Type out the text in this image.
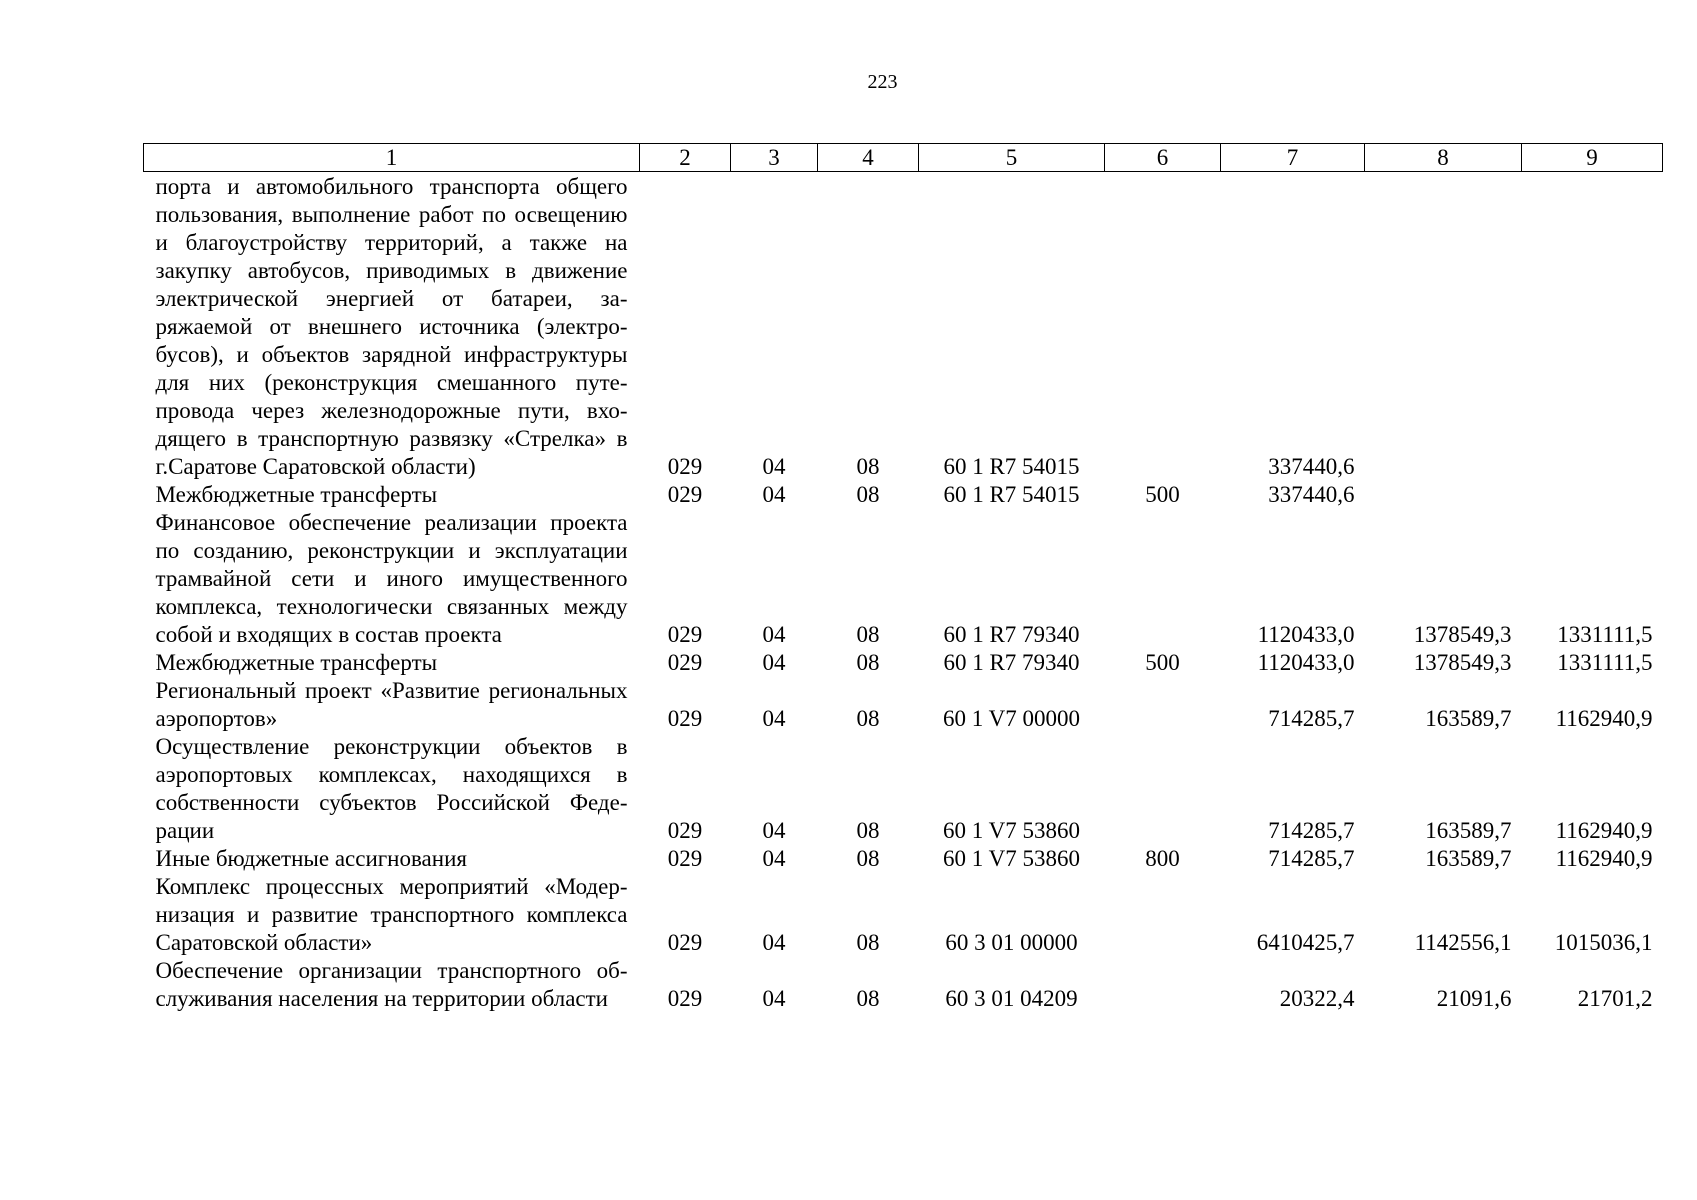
223
1	2	3	4	5	6	7	8	9
порта и автомобильного транспорта общего пользования, выполнение работ по освещению и благоустройству территорий, а также на закупку автобусов, приводимых в движение электрической энергией от батареи, заряжаемой от внешнего источника (электробусов), и объектов зарядной инфраструктуры для них (реконструкция смешанного путепровода через железнодорожные пути, входящего в транспортную развязку «Стрелка» в г.Саратове Саратовской области)	029	04	08	60 1 R7 54015		337440,6		
Межбюджетные трансферты	029	04	08	60 1 R7 54015	500	337440,6		
Финансовое обеспечение реализации проекта по созданию, реконструкции и эксплуатации трамвайной сети и иного имущественного комплекса, технологически связанных между собой и входящих в состав проекта	029	04	08	60 1 R7 79340		1120433,0	1378549,3	1331111,5
Межбюджетные трансферты	029	04	08	60 1 R7 79340	500	1120433,0	1378549,3	1331111,5
Региональный проект «Развитие региональных аэропортов»	029	04	08	60 1 V7 00000		714285,7	163589,7	1162940,9
Осуществление реконструкции объектов в аэропортовых комплексах, находящихся в собственности субъектов Российской Федерации	029	04	08	60 1 V7 53860		714285,7	163589,7	1162940,9
Иные бюджетные ассигнования	029	04	08	60 1 V7 53860	800	714285,7	163589,7	1162940,9
Комплекс процессных мероприятий «Модернизация и развитие транспортного комплекса Саратовской области»	029	04	08	60 3 01 00000		6410425,7	1142556,1	1015036,1
Обеспечение организации транспортного обслуживания населения на территории области	029	04	08	60 3 01 04209		20322,4	21091,6	21701,2
